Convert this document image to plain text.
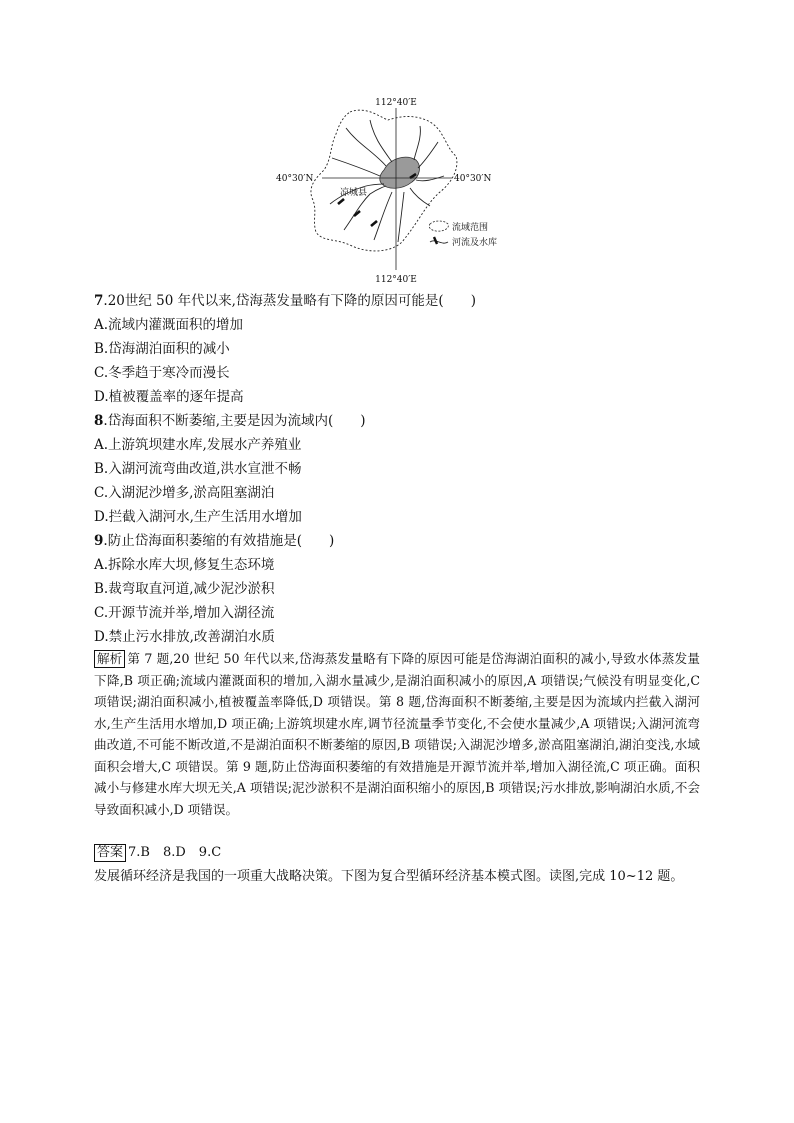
112°40′E
112°40′E
40°30′N	40°30′N
凉城县
流域范围
河流及水库
7.20世纪 50 年代以来,岱海蒸发量略有下降的原因可能是(　　)
A.流域内灌溉面积的增加
B.岱海湖泊面积的减小
C.冬季趋于寒冷而漫长
D.植被覆盖率的逐年提高
8.岱海面积不断萎缩,主要是因为流域内(　　)
A.上游筑坝建水库,发展水产养殖业
B.入湖河流弯曲改道,洪水宣泄不畅
C.入湖泥沙增多,淤高阻塞湖泊
D.拦截入湖河水,生产生活用水增加
9.防止岱海面积萎缩的有效措施是(　　)
A.拆除水库大坝,修复生态环境
B.裁弯取直河道,减少泥沙淤积
C.开源节流并举,增加入湖径流
D.禁止污水排放,改善湖泊水质
解析 第 7 题,20 世纪 50 年代以来,岱海蒸发量略有下降的原因可能是岱海湖泊面积的减小,导致水体蒸发量下降,B 项正确;流域内灌溉面积的增加,入湖水量减少,是湖泊面积减小的原因,A 项错误;气候没有明显变化,C 项错误;湖泊面积减小,植被覆盖率降低,D 项错误。第 8 题,岱海面积不断萎缩,主要是因为流域内拦截入湖河水,生产生活用水增加,D 项正确;上游筑坝建水库,调节径流量季节变化,不会使水量减少,A 项错误;入湖河流弯曲改道,不可能不断改道,不是湖泊面积不断萎缩的原因,B 项错误;入湖泥沙增多,淤高阻塞湖泊,湖泊变浅,水域面积会增大,C 项错误。第 9 题,防止岱海面积萎缩的有效措施是开源节流并举,增加入湖径流,C 项正确。面积减小与修建水库大坝无关,A 项错误;泥沙淤积不是湖泊面积缩小的原因,B 项错误;污水排放,影响湖泊水质,不会导致面积减小,D 项错误。
答案 7.B　8.D　9.C
发展循环经济是我国的一项重大战略决策。下图为复合型循环经济基本模式图。读图,完成 10~12 题。
